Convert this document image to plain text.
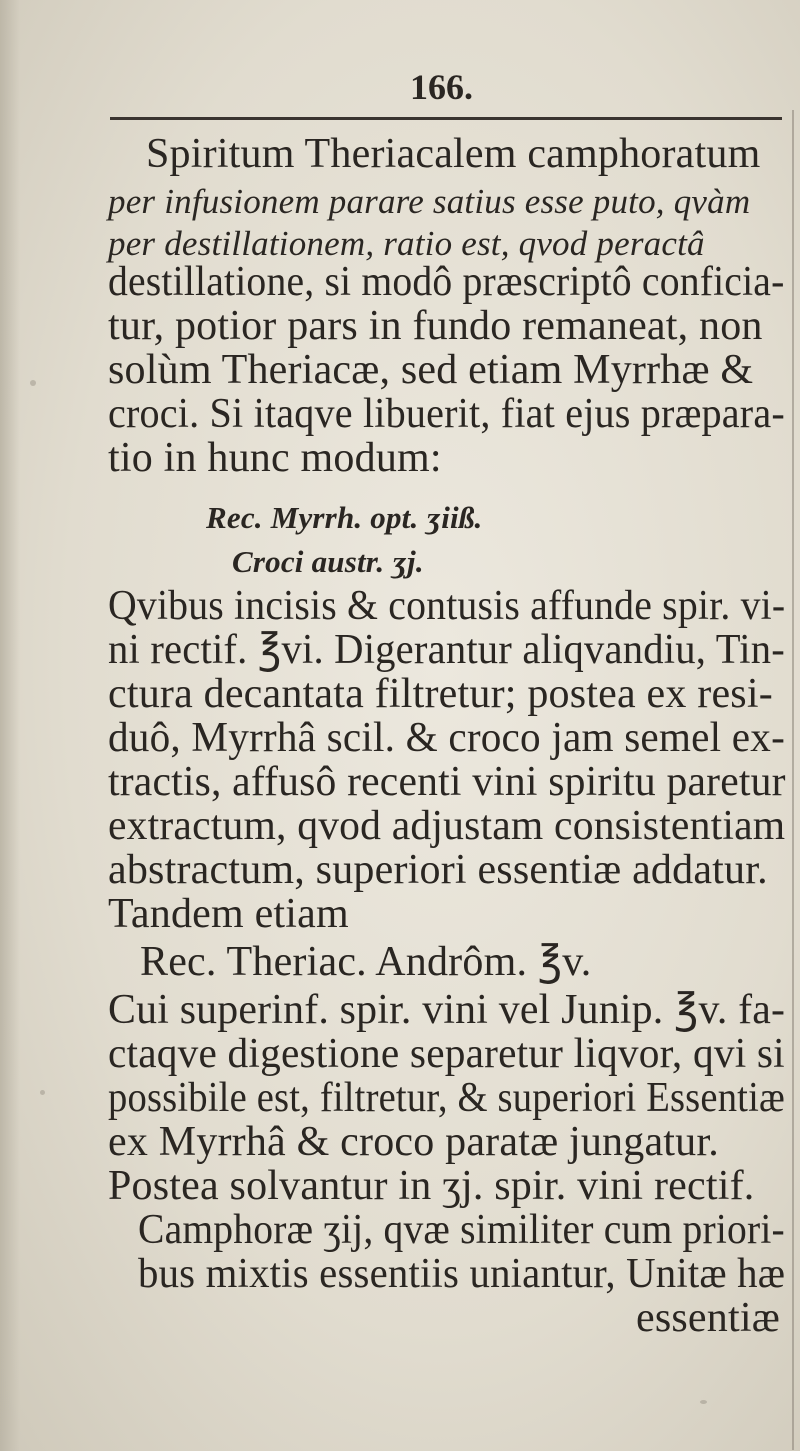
166.
Spiritum Theriacalem camphoratum
per infusionem parare satius esse puto, qvàm
per destillationem, ratio est, qvod peractâ
destillatione, si modô præscriptô conficia-
tur, potior pars in fundo remaneat, non
solùm Theriacæ, sed etiam Myrrhæ &
croci. Si itaqve libuerit, fiat ejus præpara-
tio in hunc modum:
Rec. Myrrh. opt. ʒiiß.
Croci austr. ʒj.
Qvibus incisis & contusis affunde spir. vi-
ni rectif. ℥vi. Digerantur aliqvandiu, Tin-
ctura decantata filtretur; postea ex resi-
duô, Myrrhâ scil. & croco jam semel ex-
tractis, affusô recenti vini spiritu paretur
extractum, qvod adjustam consistentiam
abstractum, superiori essentiæ addatur.
Tandem etiam
Rec. Theriac. Andrôm. ℥v.
Cui superinf. spir. vini vel Junip. ℥v. fa-
ctaqve digestione separetur liqvor, qvi si
possibile est, filtretur, & superiori Essentiæ
ex Myrrhâ & croco paratæ jungatur.
Postea solvantur in ʒj. spir. vini rectif.
Camphoræ ʒij, qvæ similiter cum priori-
bus mixtis essentiis uniantur, Unitæ hæ
essentiæ
